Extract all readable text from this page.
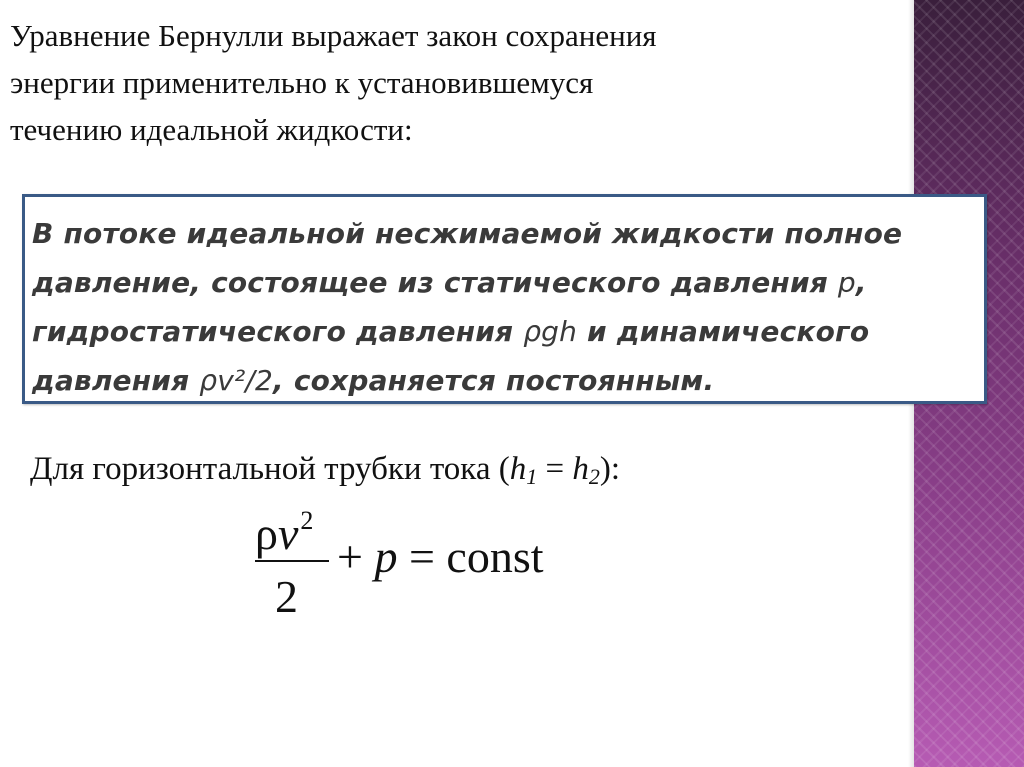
Уравнение Бернулли выражает закон сохранения
энергии применительно к установившемуся
течению идеальной жидкости:
В потоке идеальной несжимаемой жидкости полное
давление, состоящее из статического давления p,
гидростатического давления ρgh и динамического
давления ρv²/2, сохраняется постоянным.
Для горизонтальной трубки тока $(h_1 = h_2)$:
$\rho v^2$
2
+ p = const
